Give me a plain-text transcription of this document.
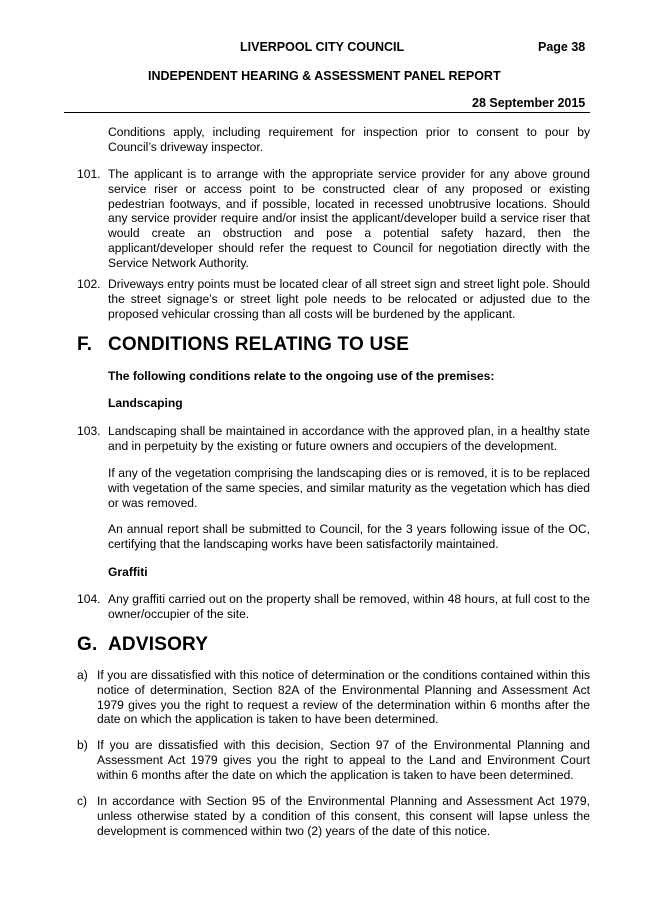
LIVERPOOL CITY COUNCIL	Page 38
INDEPENDENT HEARING & ASSESSMENT PANEL REPORT
28 September 2015

Conditions apply, including requirement for inspection prior to consent to pour by Council’s driveway inspector.

101. The applicant is to arrange with the appropriate service provider for any above ground service riser or access point to be constructed clear of any proposed or existing pedestrian footways, and if possible, located in recessed unobtrusive locations. Should any service provider require and/or insist the applicant/developer build a service riser that would create an obstruction and pose a potential safety hazard, then the applicant/developer should refer the request to Council for negotiation directly with the Service Network Authority.

102. Driveways entry points must be located clear of all street sign and street light pole. Should the street signage’s or street light pole needs to be relocated or adjusted due to the proposed vehicular crossing than all costs will be burdened by the applicant.

F. CONDITIONS RELATING TO USE
The following conditions relate to the ongoing use of the premises:
Landscaping
103. Landscaping shall be maintained in accordance with the approved plan, in a healthy state and in perpetuity by the existing or future owners and occupiers of the development.

If any of the vegetation comprising the landscaping dies or is removed, it is to be replaced with vegetation of the same species, and similar maturity as the vegetation which has died or was removed.

An annual report shall be submitted to Council, for the 3 years following issue of the OC, certifying that the landscaping works have been satisfactorily maintained.

Graffiti
104. Any graffiti carried out on the property shall be removed, within 48 hours, at full cost to the owner/occupier of the site.

G. ADVISORY
a) If you are dissatisfied with this notice of determination or the conditions contained within this notice of determination, Section 82A of the Environmental Planning and Assessment Act 1979 gives you the right to request a review of the determination within 6 months after the date on which the application is taken to have been determined.

b) If you are dissatisfied with this decision, Section 97 of the Environmental Planning and Assessment Act 1979 gives you the right to appeal to the Land and Environment Court within 6 months after the date on which the application is taken to have been determined.

c) In accordance with Section 95 of the Environmental Planning and Assessment Act 1979, unless otherwise stated by a condition of this consent, this consent will lapse unless the development is commenced within two (2) years of the date of this notice.
